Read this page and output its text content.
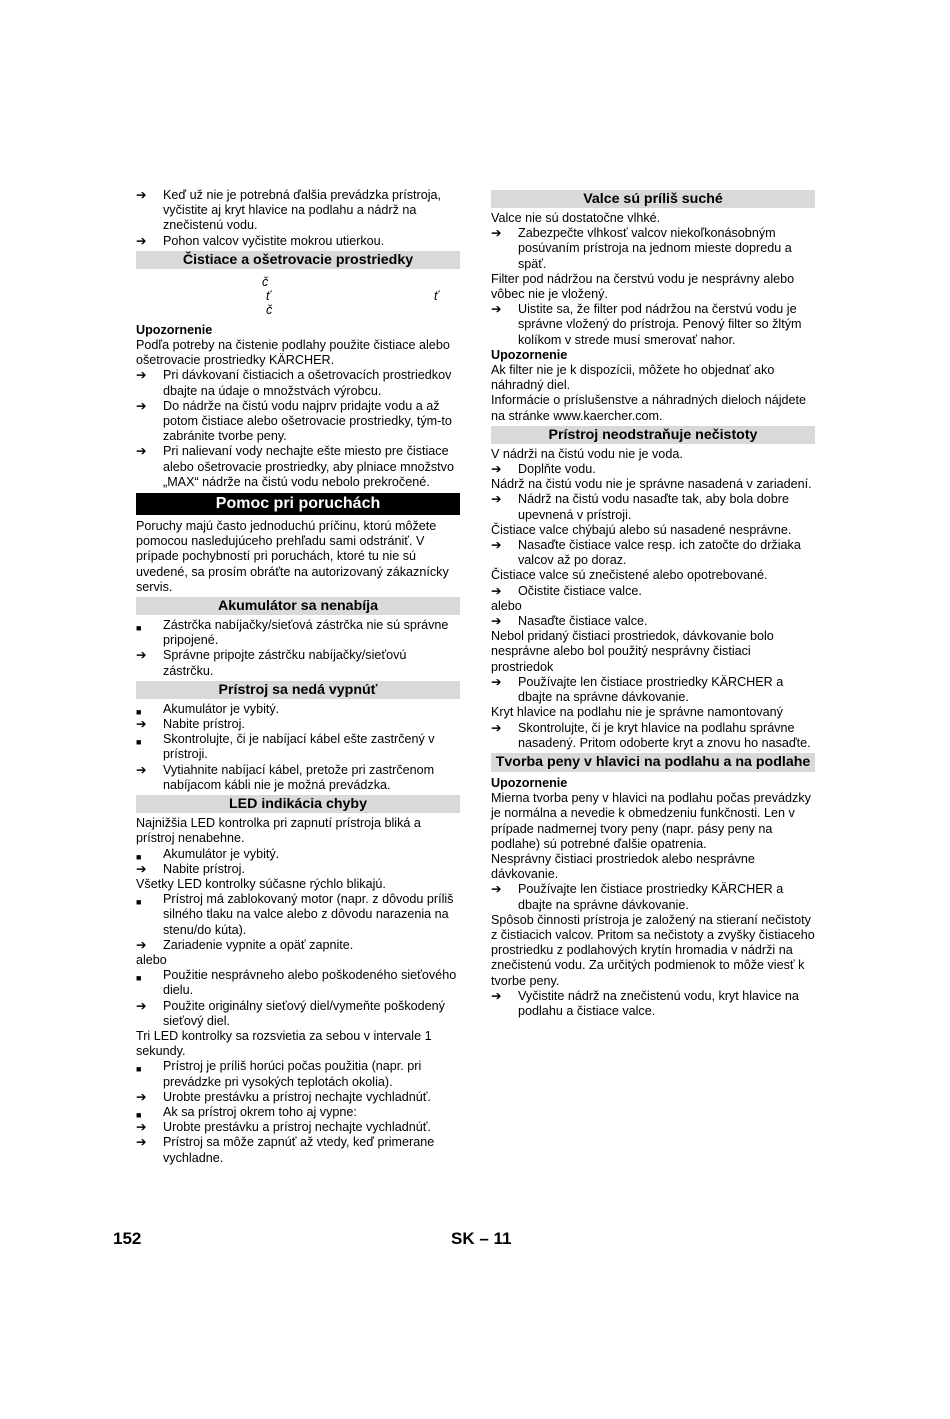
➔	Keď už nie je potrebná ďalšia prevádzka prístroja, vyčistite aj kryt hlavice na podlahu a nádrž na znečistenú vodu.
➔	Pohon valcov vyčistite mokrou utierkou.
Čistiace a ošetrovacie prostriedky
č
ť	ť
č
Upozornenie
Podľa potreby na čistenie podlahy použite čistiace alebo ošetrovacie prostriedky KÄRCHER.
➔	Pri dávkovaní čistiacich a ošetrovacích prostriedkov dbajte na údaje o množstvách výrobcu.
➔	Do nádrže na čistú vodu najprv pridajte vodu a až potom čistiace alebo ošetrovacie prostriedky, tým-to zabránite tvorbe peny.
➔	Pri nalievaní vody nechajte ešte miesto pre čistiace alebo ošetrovacie prostriedky, aby plniace množstvo „MAX“ nádrže na čistú vodu nebolo prekročené.
Pomoc pri poruchách
Poruchy majú často jednoduchú príčinu, ktorú môžete pomocou nasledujúceho prehľadu sami odstrániť. V prípade pochybností pri poruchách, ktoré tu nie sú uvedené, sa prosím obráťte na autorizovaný zákaznícky servis.
Akumulátor sa nenabíja
■	Zástrčka nabíjačky/sieťová zástrčka nie sú správne pripojené.
➔	Správne pripojte zástrčku nabíjačky/sieťovú zástrčku.
Prístroj sa nedá vypnúť
■	Akumulátor je vybitý.
➔	Nabite prístroj.
■	Skontrolujte, či je nabíjací kábel ešte zastrčený v prístroji.
➔	Vytiahnite nabíjací kábel, pretože pri zastrčenom nabíjacom kábli nie je možná prevádzka.
LED indikácia chyby
Najnižšia LED kontrolka pri zapnutí prístroja bliká a prístroj nenabehne.
■	Akumulátor je vybitý.
➔	Nabite prístroj.
Všetky LED kontrolky súčasne rýchlo blikajú.
■	Prístroj má zablokovaný motor (napr. z dôvodu príliš silného tlaku na valce alebo z dôvodu narazenia na stenu/do kúta).
➔	Zariadenie vypnite a opäť zapnite.
alebo
■	Použitie nesprávneho alebo poškodeného sieťového dielu.
➔	Použite originálny sieťový diel/vymeňte poškodený sieťový diel.
Tri LED kontrolky sa rozsvietia za sebou v intervale 1 sekundy.
■	Prístroj je príliš horúci počas použitia (napr. pri prevádzke pri vysokých teplotách okolia).
➔	Urobte prestávku a prístroj nechajte vychladnúť.
■	Ak sa prístroj okrem toho aj vypne:
➔	Urobte prestávku a prístroj nechajte vychladnúť.
➔	Prístroj sa môže zapnúť až vtedy, keď primerane vychladne.
Valce sú príliš suché
Valce nie sú dostatočne vlhké.
➔	Zabezpečte vlhkosť valcov niekoľkonásobným posúvaním prístroja na jednom mieste dopredu a späť.
Filter pod nádržou na čerstvú vodu je nesprávny alebo vôbec nie je vložený.
➔	Uistite sa, že filter pod nádržou na čerstvú vodu je správne vložený do prístroja. Penový filter so žltým kolíkom v strede musí smerovať nahor.
Upozornenie
Ak filter nie je k dispozícii, môžete ho objednať ako náhradný diel.
Informácie o príslušenstve a náhradných dieloch nájdete na stránke www.kaercher.com.
Prístroj neodstraňuje nečistoty
V nádrži na čistú vodu nie je voda.
➔	Doplňte vodu.
Nádrž na čistú vodu nie je správne nasadená v zariadení.
➔	Nádrž na čistú vodu nasaďte tak, aby bola dobre upevnená v prístroji.
Čistiace valce chýbajú alebo sú nasadené nesprávne.
➔	Nasaďte čistiace valce resp. ich zatočte do držiaka valcov až po doraz.
Čistiace valce sú znečistené alebo opotrebované.
➔	Očistite čistiace valce.
alebo
➔	Nasaďte čistiace valce.
Nebol pridaný čistiaci prostriedok, dávkovanie bolo nesprávne alebo bol použitý nesprávny čistiaci prostriedok
➔	Používajte len čistiace prostriedky KÄRCHER a dbajte na správne dávkovanie.
Kryt hlavice na podlahu nie je správne namontovaný
➔	Skontrolujte, či je kryt hlavice na podlahu správne nasadený. Pritom odoberte kryt a znovu ho nasaďte.
Tvorba peny v hlavici na podlahu a na podlahe
Upozornenie
Mierna tvorba peny v hlavici na podlahu počas prevádzky je normálna a nevedie k obmedzeniu funkčnosti. Len v prípade nadmernej tvory peny (napr. pásy peny na podlahe) sú potrebné ďalšie opatrenia.
Nesprávny čistiaci prostriedok alebo nesprávne dávkovanie.
➔	Používajte len čistiace prostriedky KÄRCHER a dbajte na správne dávkovanie.
Spôsob činnosti prístroja je založený na stieraní nečistoty z čistiacich valcov. Pritom sa nečistoty a zvyšky čistiaceho prostriedku z podlahových krytín hromadia v nádrži na znečistenú vodu. Za určitých podmienok to môže viesť k tvorbe peny.
➔	Vyčistite nádrž na znečistenú vodu, kryt hlavice na podlahu a čistiace valce.
152	SK – 11
